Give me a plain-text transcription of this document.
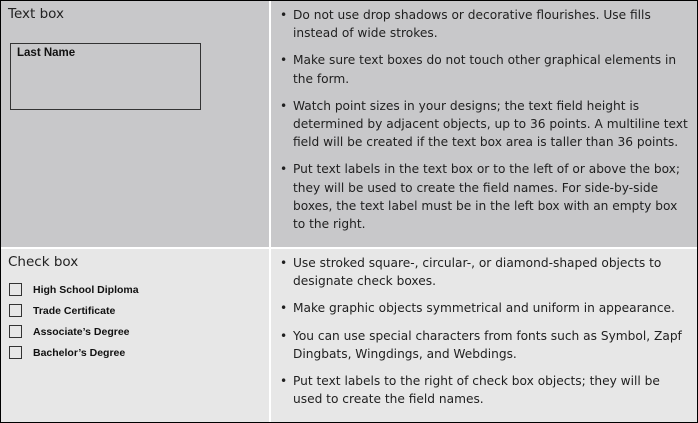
Text box
Last Name
• Do not use drop shadows or decorative flourishes. Use fills instead of wide strokes.
• Make sure text boxes do not touch other graphical elements in the form.
• Watch point sizes in your designs; the text field height is determined by adjacent objects, up to 36 points. A multiline text field will be created if the text box area is taller than 36 points.
• Put text labels in the text box or to the left of or above the box; they will be used to create the field names. For side-by-side boxes, the text label must be in the left box with an empty box to the right.
Check box
High School Diploma
Trade Certificate
Associate’s Degree
Bachelor’s Degree
• Use stroked square-, circular-, or diamond-shaped objects to designate check boxes.
• Make graphic objects symmetrical and uniform in appearance.
• You can use special characters from fonts such as Symbol, Zapf Dingbats, Wingdings, and Webdings.
• Put text labels to the right of check box objects; they will be used to create the field names.
